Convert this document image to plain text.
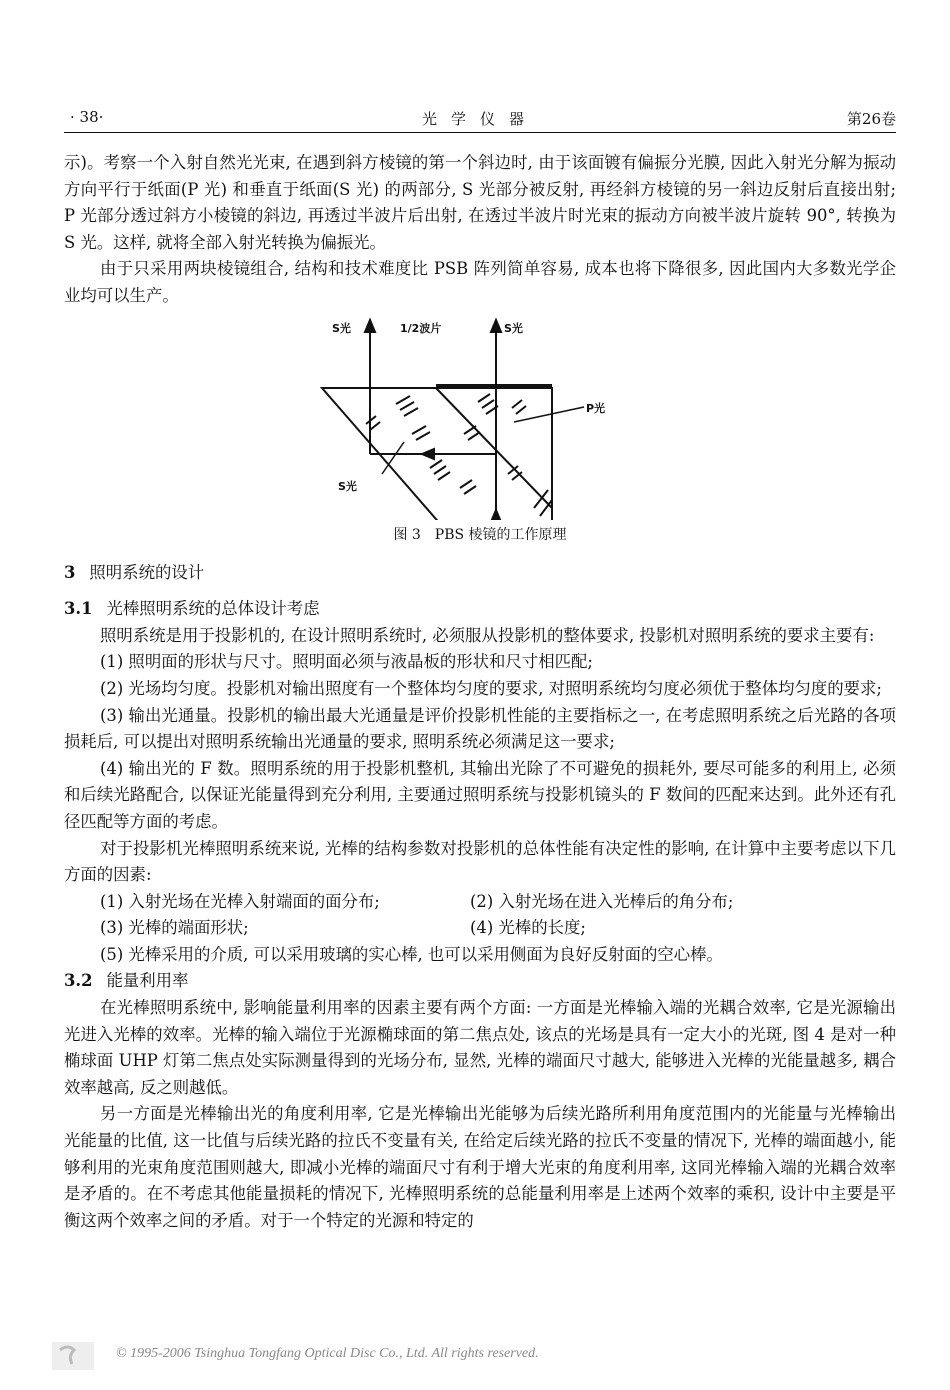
· 38·	光学仪器	第26卷

示)。考察一个入射自然光光束, 在遇到斜方棱镜的第一个斜边时, 由于该面镀有偏振分光膜, 因此入射光分解为振动方向平行于纸面(P 光) 和垂直于纸面(S 光) 的两部分, S 光部分被反射, 再经斜方棱镜的另一斜边反射后直接出射; P 光部分透过斜方小棱镜的斜边, 再透过半波片后出射, 在透过半波片时光束的振动方向被半波片旋转 90°, 转换为 S 光。这样, 就将全部入射光转换为偏振光。

由于只采用两块棱镜组合, 结构和技术难度比 PSB 阵列简单容易, 成本也将下降很多, 因此国内大多数光学企业均可以生产。

S光	1/2波片	S光
P光
S光
图 3　PBS 棱镜的工作原理

3 照明系统的设计

3.1 光棒照明系统的总体设计考虑

照明系统是用于投影机的, 在设计照明系统时, 必须服从投影机的整体要求, 投影机对照明系统的要求主要有:

(1) 照明面的形状与尺寸。照明面必须与液晶板的形状和尺寸相匹配;

(2) 光场均匀度。投影机对输出照度有一个整体均匀度的要求, 对照明系统均匀度必须优于整体均匀度的要求;

(3) 输出光通量。投影机的输出最大光通量是评价投影机性能的主要指标之一, 在考虑照明系统之后光路的各项损耗后, 可以提出对照明系统输出光通量的要求, 照明系统必须满足这一要求;

(4) 输出光的 F 数。照明系统的用于投影机整机, 其输出光除了不可避免的损耗外, 要尽可能多的利用上, 必须和后续光路配合, 以保证光能量得到充分利用, 主要通过照明系统与投影机镜头的 F 数间的匹配来达到。此外还有孔径匹配等方面的考虑。

对于投影机光棒照明系统来说, 光棒的结构参数对投影机的总体性能有决定性的影响, 在计算中主要考虑以下几方面的因素:

(1) 入射光场在光棒入射端面的面分布;	(2) 入射光场在进入光棒后的角分布;
(3) 光棒的端面形状;	(4) 光棒的长度;

(5) 光棒采用的介质, 可以采用玻璃的实心棒, 也可以采用侧面为良好反射面的空心棒。

3.2 能量利用率

在光棒照明系统中, 影响能量利用率的因素主要有两个方面: 一方面是光棒输入端的光耦合效率, 它是光源输出光进入光棒的效率。光棒的输入端位于光源椭球面的第二焦点处, 该点的光场是具有一定大小的光斑, 图 4 是对一种椭球面 UHP 灯第二焦点处实际测量得到的光场分布, 显然, 光棒的端面尺寸越大, 能够进入光棒的光能量越多, 耦合效率越高, 反之则越低。

另一方面是光棒输出光的角度利用率, 它是光棒输出光能够为后续光路所利用角度范围内的光能量与光棒输出光能量的比值, 这一比值与后续光路的拉氏不变量有关, 在给定后续光路的拉氏不变量的情况下, 光棒的端面越小, 能够利用的光束角度范围则越大, 即减小光棒的端面尺寸有利于增大光束的角度利用率, 这同光棒输入端的光耦合效率是矛盾的。在不考虑其他能量损耗的情况下, 光棒照明系统的总能量利用率是上述两个效率的乘积, 设计中主要是平衡这两个效率之间的矛盾。对于一个特定的光源和特定的

© 1995-2006 Tsinghua Tongfang Optical Disc Co., Ltd. All rights reserved.
